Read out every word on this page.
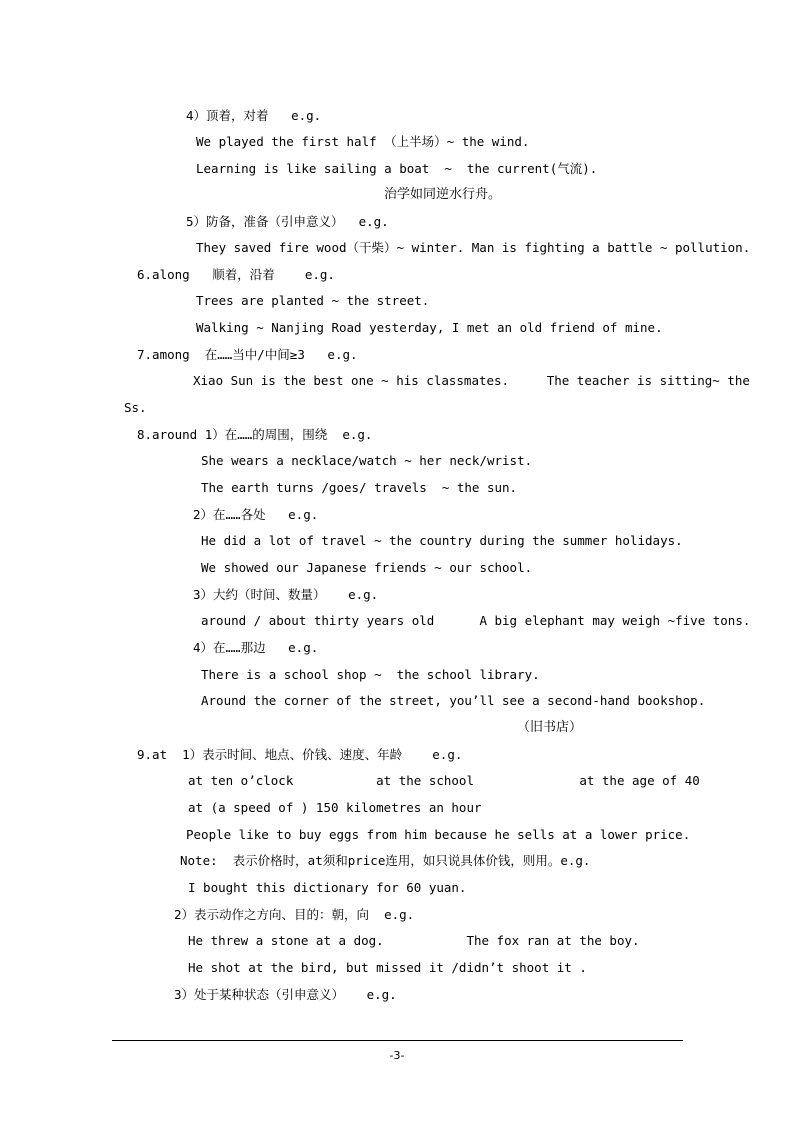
4）顶着，对着   e.g.
We played the first half （上半场）~ the wind.
Learning is like sailing a boat  ~  the current(气流).
治学如同逆水行舟。
5）防备，准备（引申意义）  e.g.
They saved fire wood（干柴）~ winter. Man is fighting a battle ~ pollution.
6.along   顺着，沿着    e.g.
Trees are planted ~ the street.
Walking ~ Nanjing Road yesterday, I met an old friend of mine.
7.among  在……当中/中间≥3   e.g.
Xiao Sun is the best one ~ his classmates.     The teacher is sitting~ the
Ss.
8.around 1）在……的周围，围绕  e.g.
She wears a necklace/watch ~ her neck/wrist.
The earth turns /goes/ travels  ~ the sun.
2）在……各处   e.g.
He did a lot of travel ~ the country during the summer holidays.
We showed our Japanese friends ~ our school.
3）大约（时间、数量）   e.g.
around / about thirty years old      A big elephant may weigh ~five tons.
4）在……那边   e.g.
There is a school shop ~  the school library.
Around the corner of the street, you’ll see a second-hand bookshop.
（旧书店）
9.at  1）表示时间、地点、价钱、速度、年龄    e.g.
at ten o’clock           at the school              at the age of 40
at (a speed of ) 150 kilometres an hour
People like to buy eggs from him because he sells at a lower price.
Note:  表示价格时，at须和price连用，如只说具体价钱，则用。e.g.
I bought this dictionary for 60 yuan.
2）表示动作之方向、目的：朝，向  e.g.
He threw a stone at a dog.           The fox ran at the boy.
He shot at the bird, but missed it /didn’t shoot it .
3）处于某种状态（引申意义）   e.g.
-3-
